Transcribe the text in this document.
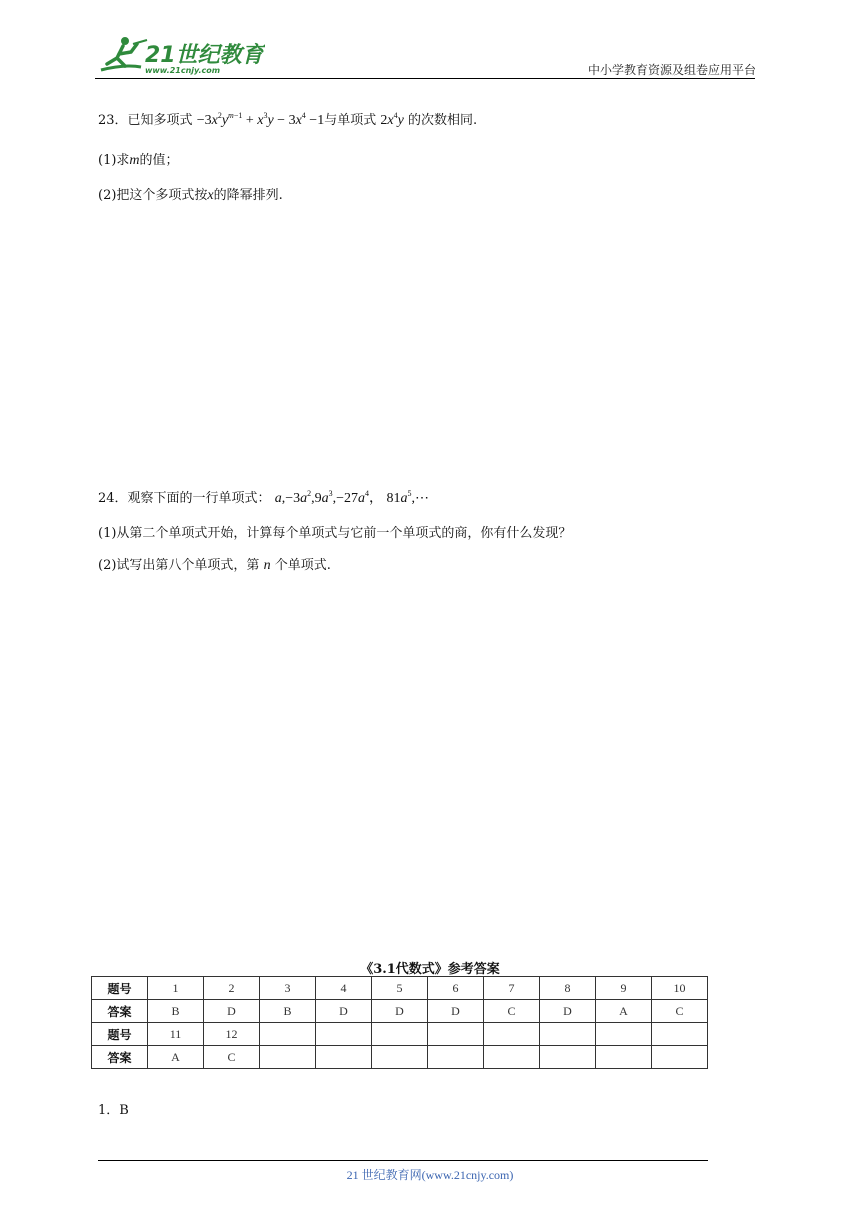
21世纪教育
www.21cnjy.com	中小学教育资源及组卷应用平台
23．已知多项式 $-3x^2y^{m-1} + x^3y - 3x^4 -1$与单项式 $2x^4y$ 的次数相同.
(1)求m的值；
(2)把这个多项式按x的降幂排列.
24．观察下面的一行单项式： $a,-3a^2,9a^3,-27a^4$， $81a^5,\cdots$
(1)从第二个单项式开始，计算每个单项式与它前一个单项式的商，你有什么发现？
(2)试写出第八个单项式，第 n 个单项式.
《3.1代数式》参考答案
题号	1	2	3	4	5	6	7	8	9	10
答案	B	D	B	D	D	D	C	D	A	C
题号	11	12								
答案	A	C								
1．B
21 世纪教育网(www.21cnjy.com)
